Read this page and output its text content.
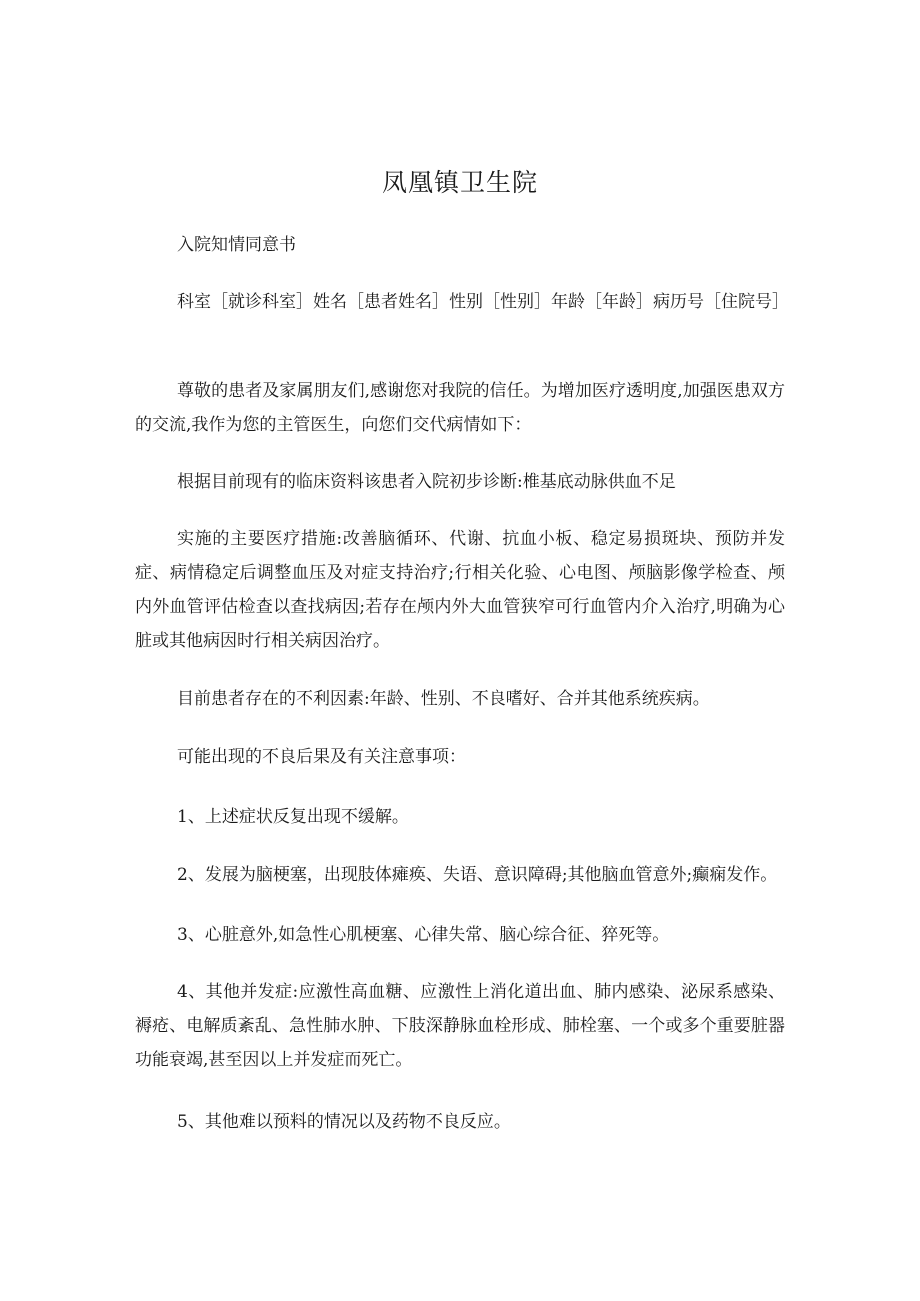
凤凰镇卫生院

入院知情同意书

科室［就诊科室］姓名［患者姓名］性别［性别］年龄［年龄］病历号［住院号］

尊敬的患者及家属朋友们,感谢您对我院的信任。为增加医疗透明度,加强医患双方的交流,我作为您的主管医生，向您们交代病情如下：

根据目前现有的临床资料该患者入院初步诊断:椎基底动脉供血不足

实施的主要医疗措施:改善脑循环、代谢、抗血小板、稳定易损斑块、预防并发症、病情稳定后调整血压及对症支持治疗;行相关化验、心电图、颅脑影像学检查、颅内外血管评估检查以查找病因;若存在颅内外大血管狭窄可行血管内介入治疗,明确为心脏或其他病因时行相关病因治疗。

目前患者存在的不利因素:年龄、性别、不良嗜好、合并其他系统疾病。

可能出现的不良后果及有关注意事项：

1、上述症状反复出现不缓解。

2、发展为脑梗塞，出现肢体瘫痪、失语、意识障碍;其他脑血管意外;癫痫发作。

3、心脏意外,如急性心肌梗塞、心律失常、脑心综合征、猝死等。

4、其他并发症:应激性高血糖、应激性上消化道出血、肺内感染、泌尿系感染、褥疮、电解质紊乱、急性肺水肿、下肢深静脉血栓形成、肺栓塞、一个或多个重要脏器功能衰竭,甚至因以上并发症而死亡。

5、其他难以预料的情况以及药物不良反应。
